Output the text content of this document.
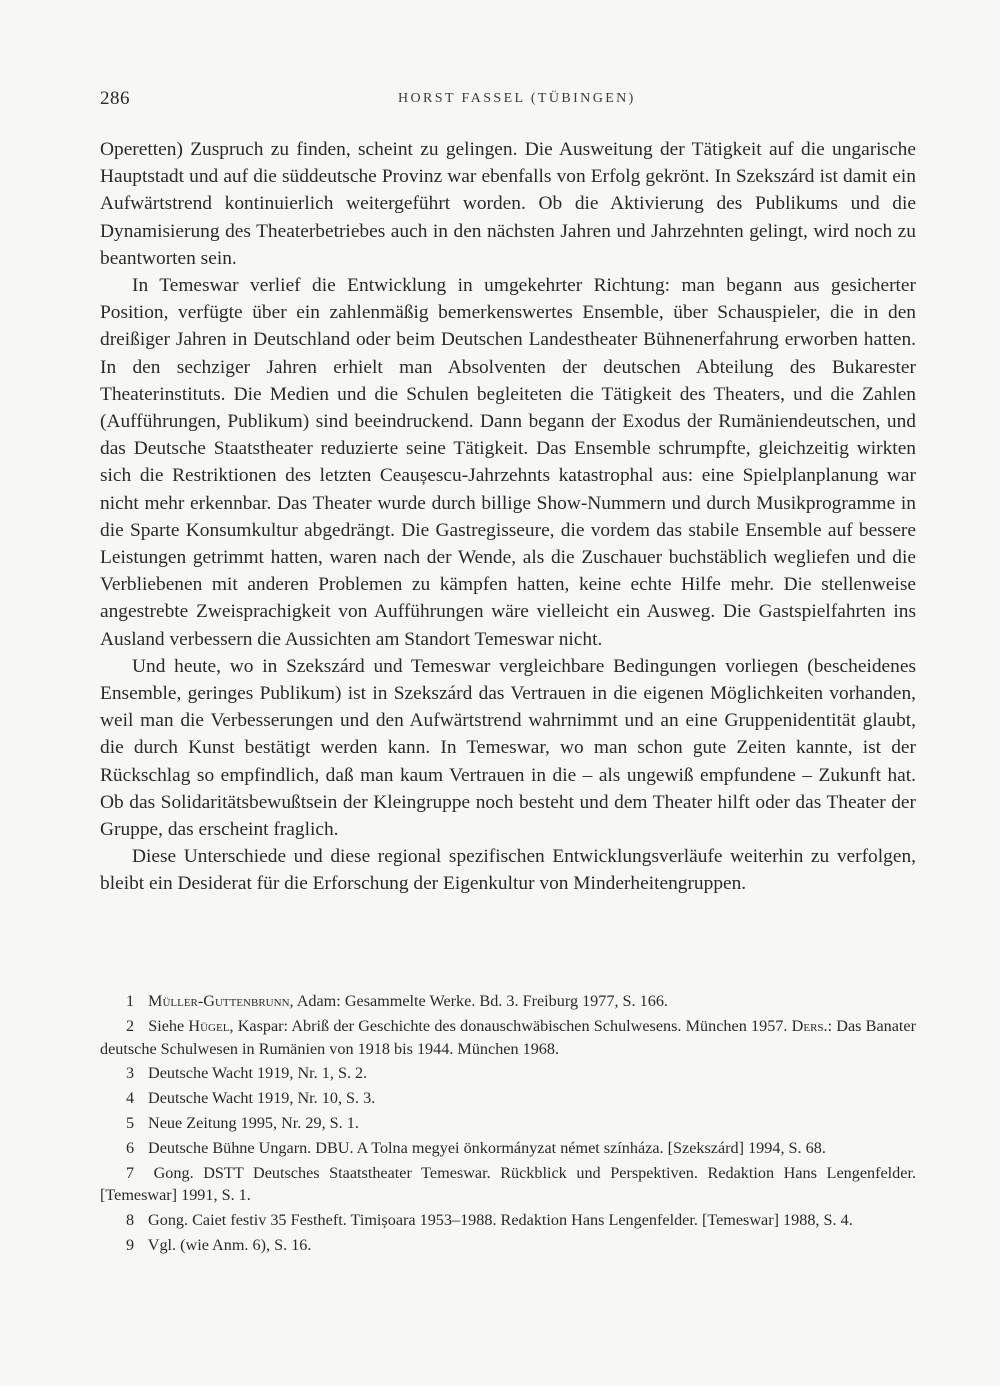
286	HORST FASSEL (TÜBINGEN)

Operetten) Zuspruch zu finden, scheint zu gelingen. Die Ausweitung der Tätigkeit auf die ungarische Hauptstadt und auf die süddeutsche Provinz war ebenfalls von Erfolg gekrönt. In Szekszárd ist damit ein Aufwärtstrend kontinuierlich weitergeführt worden. Ob die Aktivierung des Publikums und die Dynamisierung des Theaterbetriebes auch in den nächsten Jahren und Jahrzehnten gelingt, wird noch zu beantworten sein.

In Temeswar verlief die Entwicklung in umgekehrter Richtung: man begann aus gesicherter Position, verfügte über ein zahlenmäßig bemerkenswertes Ensemble, über Schauspieler, die in den dreißiger Jahren in Deutschland oder beim Deutschen Landestheater Bühnenerfahrung erworben hatten. In den sechziger Jahren erhielt man Absolventen der deutschen Abteilung des Bukarester Theaterinstituts. Die Medien und die Schulen begleiteten die Tätigkeit des Theaters, und die Zahlen (Aufführungen, Publikum) sind beeindruckend. Dann begann der Exodus der Rumäniendeutschen, und das Deutsche Staatstheater reduzierte seine Tätigkeit. Das Ensemble schrumpfte, gleichzeitig wirkten sich die Restriktionen des letzten Ceaușescu-Jahrzehnts katastrophal aus: eine Spielplanplanung war nicht mehr erkennbar. Das Theater wurde durch billige Show-Nummern und durch Musikprogramme in die Sparte Konsumkultur abgedrängt. Die Gastregisseure, die vordem das stabile Ensemble auf bessere Leistungen getrimmt hatten, waren nach der Wende, als die Zuschauer buchstäblich wegliefen und die Verbliebenen mit anderen Problemen zu kämpfen hatten, keine echte Hilfe mehr. Die stellenweise angestrebte Zweisprachigkeit von Aufführungen wäre vielleicht ein Ausweg. Die Gastspielfahrten ins Ausland verbessern die Aussichten am Standort Temeswar nicht.

Und heute, wo in Szekszárd und Temeswar vergleichbare Bedingungen vorliegen (bescheidenes Ensemble, geringes Publikum) ist in Szekszárd das Vertrauen in die eigenen Möglichkeiten vorhanden, weil man die Verbesserungen und den Aufwärtstrend wahrnimmt und an eine Gruppenidentität glaubt, die durch Kunst bestätigt werden kann. In Temeswar, wo man schon gute Zeiten kannte, ist der Rückschlag so empfindlich, daß man kaum Vertrauen in die – als ungewiß empfundene – Zukunft hat. Ob das Solidaritätsbewußtsein der Kleingruppe noch besteht und dem Theater hilft oder das Theater der Gruppe, das erscheint fraglich.

Diese Unterschiede und diese regional spezifischen Entwicklungsverläufe weiterhin zu verfolgen, bleibt ein Desiderat für die Erforschung der Eigenkultur von Minderheitengruppen.

1 Müller-Guttenbrunn, Adam: Gesammelte Werke. Bd. 3. Freiburg 1977, S. 166.

2 Siehe Hügel, Kaspar: Abriß der Geschichte des donauschwäbischen Schulwesens. München 1957. Ders.: Das Banater deutsche Schulwesen in Rumänien von 1918 bis 1944. München 1968.

3 Deutsche Wacht 1919, Nr. 1, S. 2.

4 Deutsche Wacht 1919, Nr. 10, S. 3.

5 Neue Zeitung 1995, Nr. 29, S. 1.

6 Deutsche Bühne Ungarn. DBU. A Tolna megyei önkormányzat német színháza. [Szekszárd] 1994, S. 68.

7 Gong. DSTT Deutsches Staatstheater Temeswar. Rückblick und Perspektiven. Redaktion Hans Lengenfelder. [Temeswar] 1991, S. 1.

8 Gong. Caiet festiv 35 Festheft. Timișoara 1953–1988. Redaktion Hans Lengenfelder. [Temeswar] 1988, S. 4.

9 Vgl. (wie Anm. 6), S. 16.
